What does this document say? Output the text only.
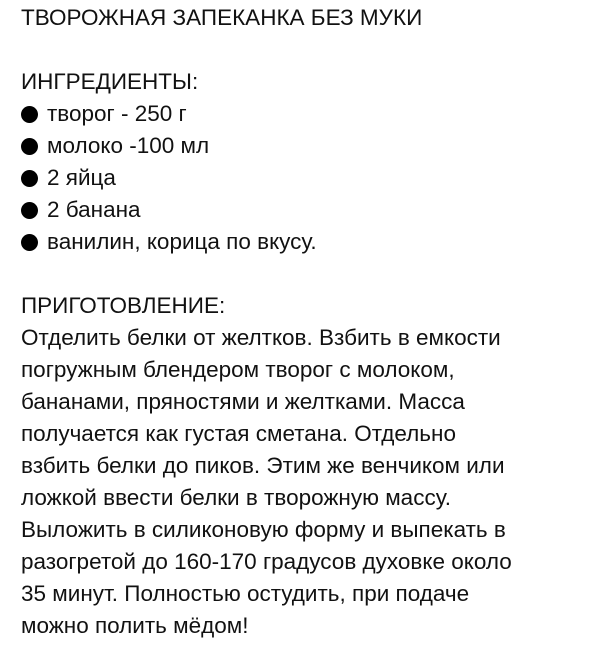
ТВОРОЖНАЯ ЗАПЕКАНКА БЕЗ МУКИ
ИНГРЕДИЕНТЫ:
творог - 250 г
молоко -100 мл
2 яйца
2 банана
ванилин, корица по вкусу.
ПРИГОТОВЛЕНИЕ:

Отделить белки от желтков. Взбить в емкости

погружным блендером творог с молоком,

бананами, пряностями и желтками. Масса

получается как густая сметана. Отдельно

взбить белки до пиков. Этим же венчиком или

ложкой ввести белки в творожную массу.

Выложить в силиконовую форму и выпекать в

разогретой до 160-170 градусов духовке около

35 минут. Полностью остудить, при подаче

можно полить мёдом!
